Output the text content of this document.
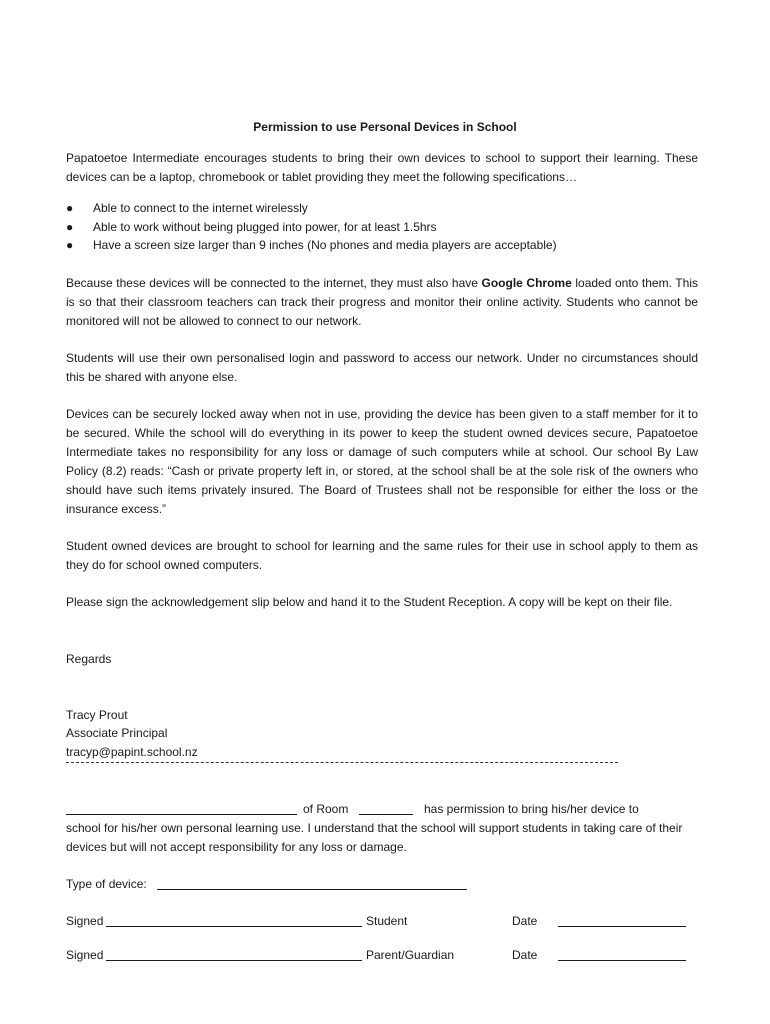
Permission to use Personal Devices in School

Papatoetoe Intermediate encourages students to bring their own devices to school to support their learning. These devices can be a laptop, chromebook or tablet providing they meet the following specifications…

● Able to connect to the internet wirelessly
● Able to work without being plugged into power, for at least 1.5hrs
● Have a screen size larger than 9 inches (No phones and media players are acceptable)

Because these devices will be connected to the internet, they must also have Google Chrome loaded onto them. This is so that their classroom teachers can track their progress and monitor their online activity. Students who cannot be monitored will not be allowed to connect to our network.

Students will use their own personalised login and password to access our network. Under no circumstances should this be shared with anyone else.

Devices can be securely locked away when not in use, providing the device has been given to a staff member for it to be secured. While the school will do everything in its power to keep the student owned devices secure, Papatoetoe Intermediate takes no responsibility for any loss or damage of such computers while at school. Our school By Law Policy (8.2) reads: “Cash or private property left in, or stored, at the school shall be at the sole risk of the owners who should have such items privately insured. The Board of Trustees shall not be responsible for either the loss or the insurance excess.”

Student owned devices are brought to school for learning and the same rules for their use in school apply to them as they do for school owned computers.

Please sign the acknowledgement slip below and hand it to the Student Reception. A copy will be kept on their file.

Regards
Tracy Prout
Associate Principal
tracyp@papint.school.nz
of Room	has permission to bring his/her device to

school for his/her own personal learning use. I understand that the school will support students in taking care of their devices but will not accept responsibility for any loss or damage.

Type of device:
Signed	Student	Date
Signed	Parent/Guardian	Date
